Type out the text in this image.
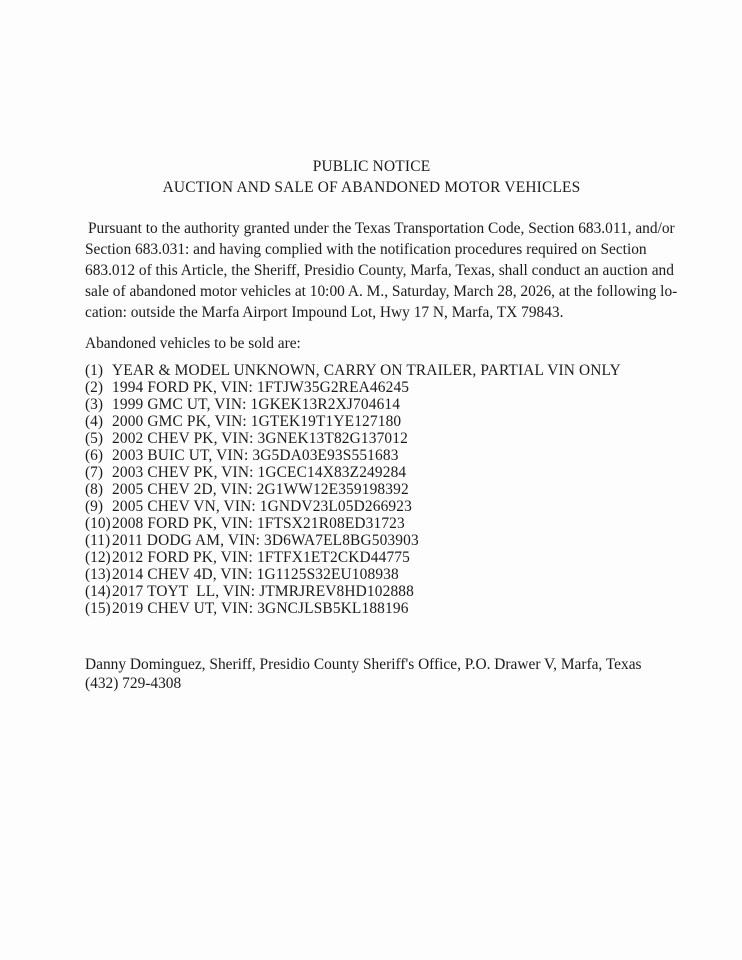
PUBLIC NOTICE
AUCTION AND SALE OF ABANDONED MOTOR VEHICLES
Pursuant to the authority granted under the Texas Transportation Code, Section 683.011, and/or
Section 683.031: and having complied with the notification procedures required on Section
683.012 of this Article, the Sheriff, Presidio County, Marfa, Texas, shall conduct an auction and
sale of abandoned motor vehicles at 10:00 A. M., Saturday, March 28, 2026, at the following lo-
cation: outside the Marfa Airport Impound Lot, Hwy 17 N, Marfa, TX 79843.
Abandoned vehicles to be sold are:
(1) YEAR & MODEL UNKNOWN, CARRY ON TRAILER, PARTIAL VIN ONLY
(2) 1994 FORD PK, VIN: 1FTJW35G2REA46245
(3) 1999 GMC UT, VIN: 1GKEK13R2XJ704614
(4) 2000 GMC PK, VIN: 1GTEK19T1YE127180
(5) 2002 CHEV PK, VIN: 3GNEK13T82G137012
(6) 2003 BUIC UT, VIN: 3G5DA03E93S551683
(7) 2003 CHEV PK, VIN: 1GCEC14X83Z249284
(8) 2005 CHEV 2D, VIN: 2G1WW12E359198392
(9) 2005 CHEV VN, VIN: 1GNDV23L05D266923
(10) 2008 FORD PK, VIN: 1FTSX21R08ED31723
(11) 2011 DODG AM, VIN: 3D6WA7EL8BG503903
(12) 2012 FORD PK, VIN: 1FTFX1ET2CKD44775
(13) 2014 CHEV 4D, VIN: 1G1125S32EU108938
(14) 2017 TOYT  LL, VIN: JTMRJREV8HD102888
(15) 2019 CHEV UT, VIN: 3GNCJLSB5KL188196
Danny Dominguez, Sheriff, Presidio County Sheriff's Office, P.O. Drawer V, Marfa, Texas
(432) 729-4308
